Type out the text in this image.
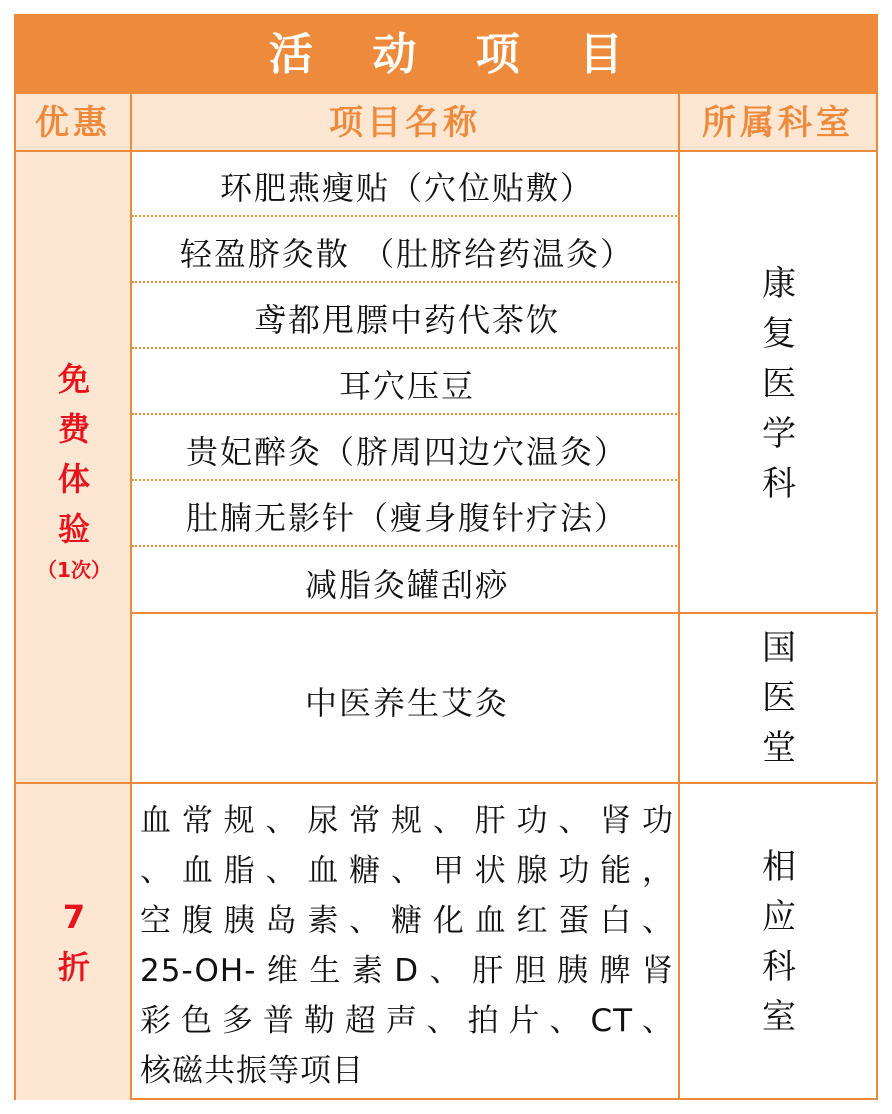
活 动 项 目
优惠	项目名称	所属科室
免
费
体
验
（1次）
环肥燕瘦贴（穴位贴敷）
轻盈脐灸散 （肚脐给药温灸）
鸢都甩膘中药代茶饮
耳穴压豆
贵妃醉灸（脐周四边穴温灸）
肚腩无影针（瘦身腹针疗法）
减脂灸罐刮痧
中医养生艾灸
康
复
医
学
科
国
医
堂
相
应
科
室
7
折
血常规、尿常规、肝功、肾功
、血脂、血糖、甲状腺功能，
空腹胰岛素、糖化血红蛋白、
25-OH-维生素D、肝胆胰脾肾
彩色多普勒超声、拍片、CT、
核磁共振等项目
